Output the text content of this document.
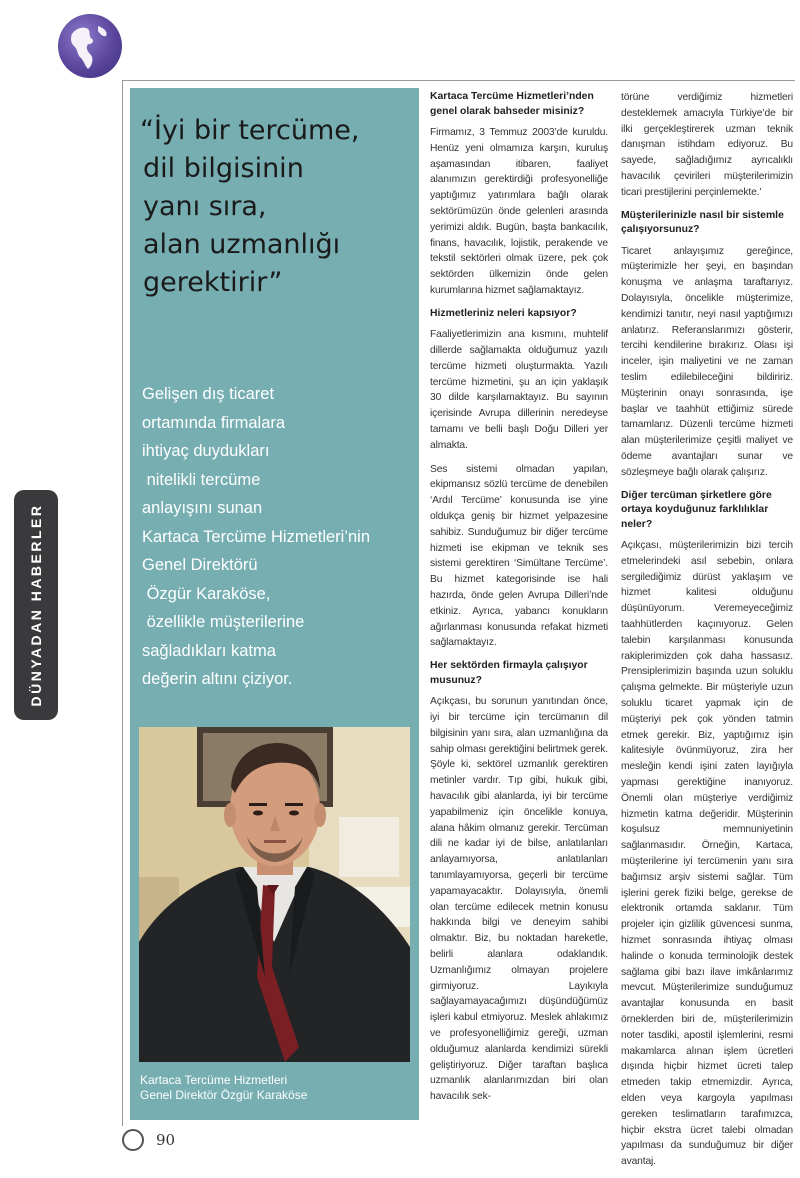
DÜNYADAN HABERLER
“İyi bir tercüme,
dil bilgisinin
yanı sıra,
alan uzmanlığı
gerektirir”

Gelişen dış ticaret
ortamında firmalara
ihtiyaç duydukları
nitelikli tercüme
anlayışını sunan
Kartaca Tercüme Hizmetleri’nin
Genel Direktörü
Özgür Karaköse,
özellikle müşterilerine
sağladıkları katma
değerin altını çiziyor.

Kartaca Tercüme Hizmetleri
Genel Direktör Özgür Karaköse

Kartaca Tercüme Hizmetleri’nden genel olarak bahseder misiniz?

Firmamız, 3 Temmuz 2003’de kuruldu. Henüz yeni olmamıza karşın, kuruluş aşamasından itibaren, faaliyet alanımızın gerektirdiği profesyonelliğe yaptığımız yatırımlara bağlı olarak sektörümüzün önde gelenleri arasında yerimizi aldık. Bugün, başta bankacılık, finans, havacılık, lojistik, perakende ve tekstil sektörleri olmak üzere, pek çok sektörden ülkemizin önde gelen kurumlarına hizmet sağlamaktayız.

Hizmetleriniz neleri kapsıyor?

Faaliyetlerimizin ana kısmını, muhtelif dillerde sağlamakta olduğumuz yazılı tercüme hizmeti oluşturmakta. Yazılı tercüme hizmetini, şu an için yaklaşık 30 dilde karşılamaktayız. Bu sayının içerisinde Avrupa dillerinin neredeyse tamamı ve belli başlı Doğu Dilleri yer almakta.

Ses sistemi olmadan yapılan, ekipmansız sözlü tercüme de denebilen ‘Ardıl Tercüme’ konusunda ise yine oldukça geniş bir hizmet yelpazesine sahibiz. Sunduğumuz bir diğer tercüme hizmeti ise ekipman ve teknik ses sistemi gerektiren ‘Simültane Tercüme’. Bu hizmet kategorisinde ise hali hazırda, önde gelen Avrupa Dilleri’nde etkiniz. Ayrıca, yabancı konukların ağırlanması konusunda refakat hizmeti sağlamaktayız.

Her sektörden firmayla çalışıyor musunuz?

Açıkçası, bu sorunun yanıtından önce, iyi bir tercüme için tercümanın dil bilgisinin yanı sıra, alan uzmanlığına da sahip olması gerektiğini belirtmek gerek. Şöyle ki, sektörel uzmanlık gerektiren metinler vardır. Tıp gibi, hukuk gibi, havacılık gibi alanlarda, iyi bir tercüme yapabilmeniz için öncelikle konuya, alana hâkim olmanız gerekir. Tercüman dili ne kadar iyi de bilse, anlatılanları anlayamıyorsa, anlatılanları tanımlayamıyorsa, geçerli bir tercüme yapamayacaktır. Dolayısıyla, önemli olan tercüme edilecek metnin konusu hakkında bilgi ve deneyim sahibi olmaktır. Biz, bu noktadan hareketle, belirli alanlara odaklandık. Uzmanlığımız olmayan projelere girmiyoruz. Layıkıyla sağlayamayacağımızı düşündüğümüz işleri kabul etmiyoruz. Meslek ahlakımız ve profesyonelliğimiz gereği, uzman olduğumuz alanlarda kendimizi sürekli geliştiriyoruz. Diğer taraftan başlıca uzmanlık alanlarımızdan biri olan havacılık sek-

törüne verdiğimiz hizmetleri desteklemek amacıyla Türkiye’de bir ilki gerçekleştirerek uzman teknik danışman istihdam ediyoruz. Bu sayede, sağladığımız ayrıcalıklı havacılık çevirileri müşterilerimizin ticari prestijlerini perçinlemekte.’

Müşterilerinizle nasıl bir sistemle çalışıyorsunuz?

Ticaret anlayışımız gereğince, müşterimizle her şeyi, en başından konuşma ve anlaşma taraftarıyız. Dolayısıyla, öncelikle müşterimize, kendimizi tanıtır, neyi nasıl yaptığımızı anlatırız. Referanslarımızı gösterir, tercihi kendilerine bırakırız. Olası işi inceler, işin maliyetini ve ne zaman teslim edilebileceğini bildiririz. Müşterinin onayı sonrasında, işe başlar ve taahhüt ettiğimiz sürede tamamlarız. Düzenli tercüme hizmeti alan müşterilerimize çeşitli maliyet ve ödeme avantajları sunar ve sözleşmeye bağlı olarak çalışırız.

Diğer tercüman şirketlere göre ortaya koyduğunuz farklılıklar neler?

Açıkçası, müşterilerimizin bizi tercih etmelerindeki asıl sebebin, onlara sergilediğimiz dürüst yaklaşım ve hizmet kalitesi olduğunu düşünüyorum. Veremeyeceğimiz taahhütlerden kaçınıyoruz. Gelen talebin karşılanması konusunda rakiplerimizden çok daha hassasız. Prensiplerimizin başında uzun soluklu çalışma gelmekte. Bir müşteriyle uzun soluklu ticaret yapmak için de müşteriyi pek çok yönden tatmin etmek gerekir. Biz, yaptığımız işin kalitesiyle övünmüyoruz, zira her mesleğin kendi işini zaten layığıyla yapması gerektiğine inanıyoruz. Önemli olan müşteriye verdiğimiz hizmetin katma değeridir. Müşterinin koşulsuz memnuniyetinin sağlanmasıdır. Örneğin, Kartaca, müşterilerine iyi tercümenin yanı sıra bağımsız arşiv sistemi sağlar. Tüm işlerini gerek fiziki belge, gerekse de elektronik ortamda saklanır. Tüm projeler için gizlilik güvencesi sunma, hizmet sonrasında ihtiyaç olması halinde o konuda terminolojik destek sağlama gibi bazı ilave imkânlarımız mevcut. Müşterilerimize sunduğumuz avantajlar konusunda en basit örneklerden biri de, müşterilerimizin noter tasdiki, apostil işlemlerini, resmi makamlarca alınan işlem ücretleri dışında hiçbir hizmet ücreti talep etmeden takip etmemizdir. Ayrıca, elden veya kargoyla yapılması gereken teslimatların tarafımızca, hiçbir ekstra ücret talebi olmadan yapılması da sunduğumuz bir diğer avantaj.

90
